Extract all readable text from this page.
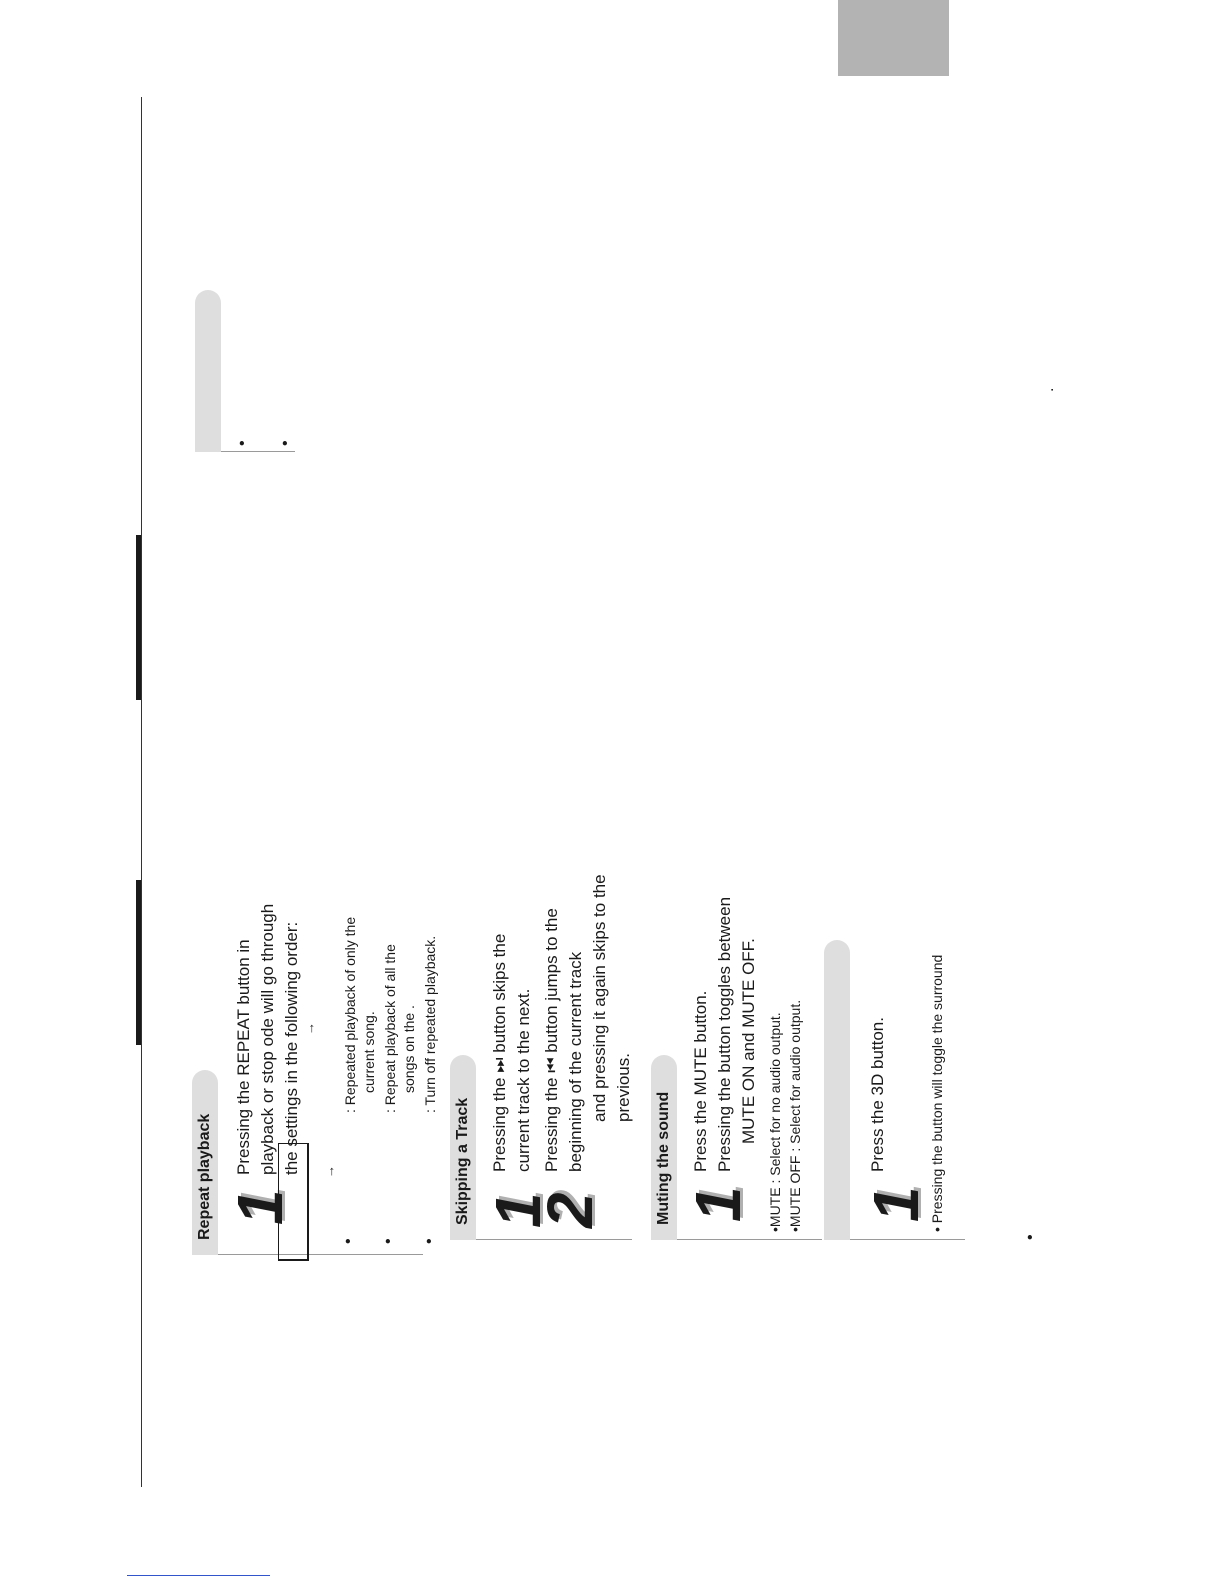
• •
.
Repeat playback 1
Pressing the REPEAT button in playback or stop ode will go through the settings in the following order: →
→
• • •
: Repeated playback of only the current song. : Repeat playback of all the songs on the . : Turn off repeated playback.
Skipping a Track 1
Pressing the ⏭ button skips the current track to the next.
2
Pressing the ⏮ button jumps to the beginning of the current track and pressing it again skips to the previous.
Muting the sound 1
Press the MUTE button. Pressing the button toggles between MUTE ON and MUTE OFF. •MUTE : Select for no audio output. •MUTE OFF : Select for audio output. 1
Press the 3D button.	• Pressing the button will toggle the surround
•
